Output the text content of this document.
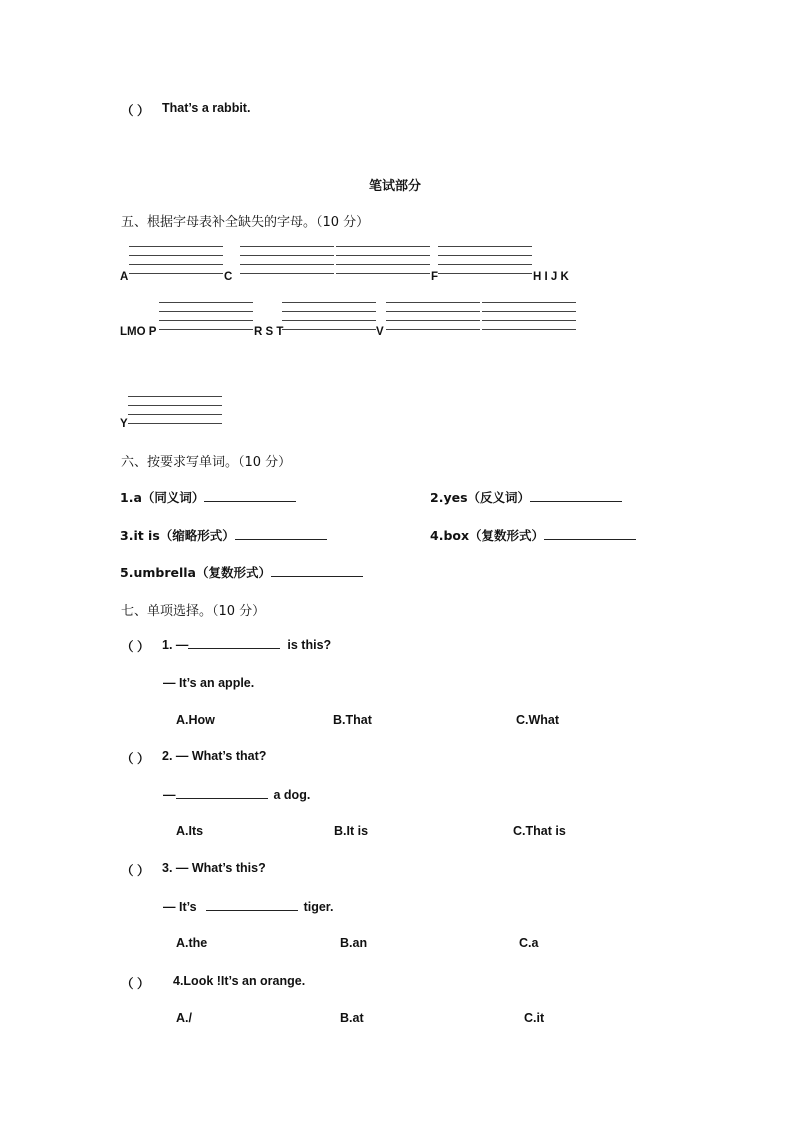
（ ） That’s a rabbit.
笔试部分
五、根据字母表补全缺失的字母。（10 分）
A	C	F	H I J K
LMO P	R S T	V
Y
六、按要求写单词。（10 分）
1.a（同义词）	2.yes（反义词）
3.it is（缩略形式）	4.box（复数形式）
5.umbrella（复数形式）
七、单项选择。（10 分）
（ ） 1. —	is this?
— It’s an apple.
A.How	B.That	C.What
（ ） 2. — What’s that?
—	a dog.
A.Its	B.It is	C.That is
（ ） 3. — What’s this?
— It’s	tiger.
A.the	B.an	C.a
（ ） 4.Look !It’s an orange.
A./	B.at	C.it
